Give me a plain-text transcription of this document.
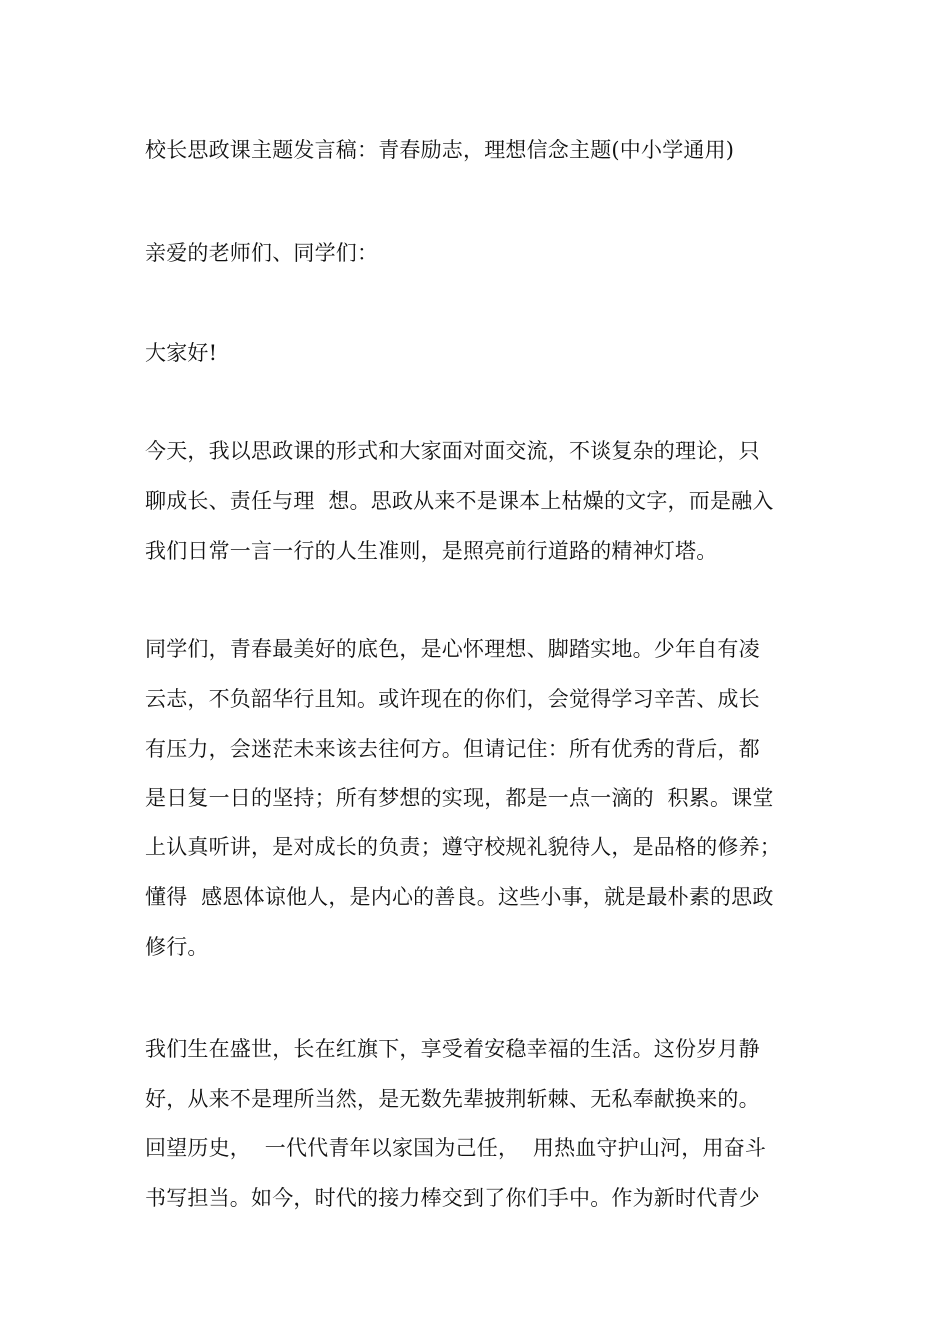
校长思政课主题发言稿：青春励志，理想信念主题(中小学通用)
亲爱的老师们、同学们：
大家好!
今天，我以思政课的形式和大家面对面交流，不谈复杂的理论，只
聊成长、责任与理  想。思政从来不是课本上枯燥的文字，而是融入
我们日常一言一行的人生准则，是照亮前行道路的精神灯塔。
同学们，青春最美好的底色，是心怀理想、脚踏实地。少年自有凌
云志，不负韶华行且知。或许现在的你们，会觉得学习辛苦、成长
有压力，会迷茫未来该去往何方。但请记住：所有优秀的背后，都
是日复一日的坚持；所有梦想的实现，都是一点一滴的  积累。课堂
上认真听讲，是对成长的负责；遵守校规礼貌待人，是品格的修养；
懂得  感恩体谅他人，是内心的善良。这些小事，就是最朴素的思政
修行。
我们生在盛世，长在红旗下，享受着安稳幸福的生活。这份岁月静
好，从来不是理所当然，是无数先辈披荆斩棘、无私奉献换来的。
回望历史，  一代代青年以家国为己任，  用热血守护山河，用奋斗
书写担当。如今，时代的接力棒交到了你们手中。作为新时代青少
